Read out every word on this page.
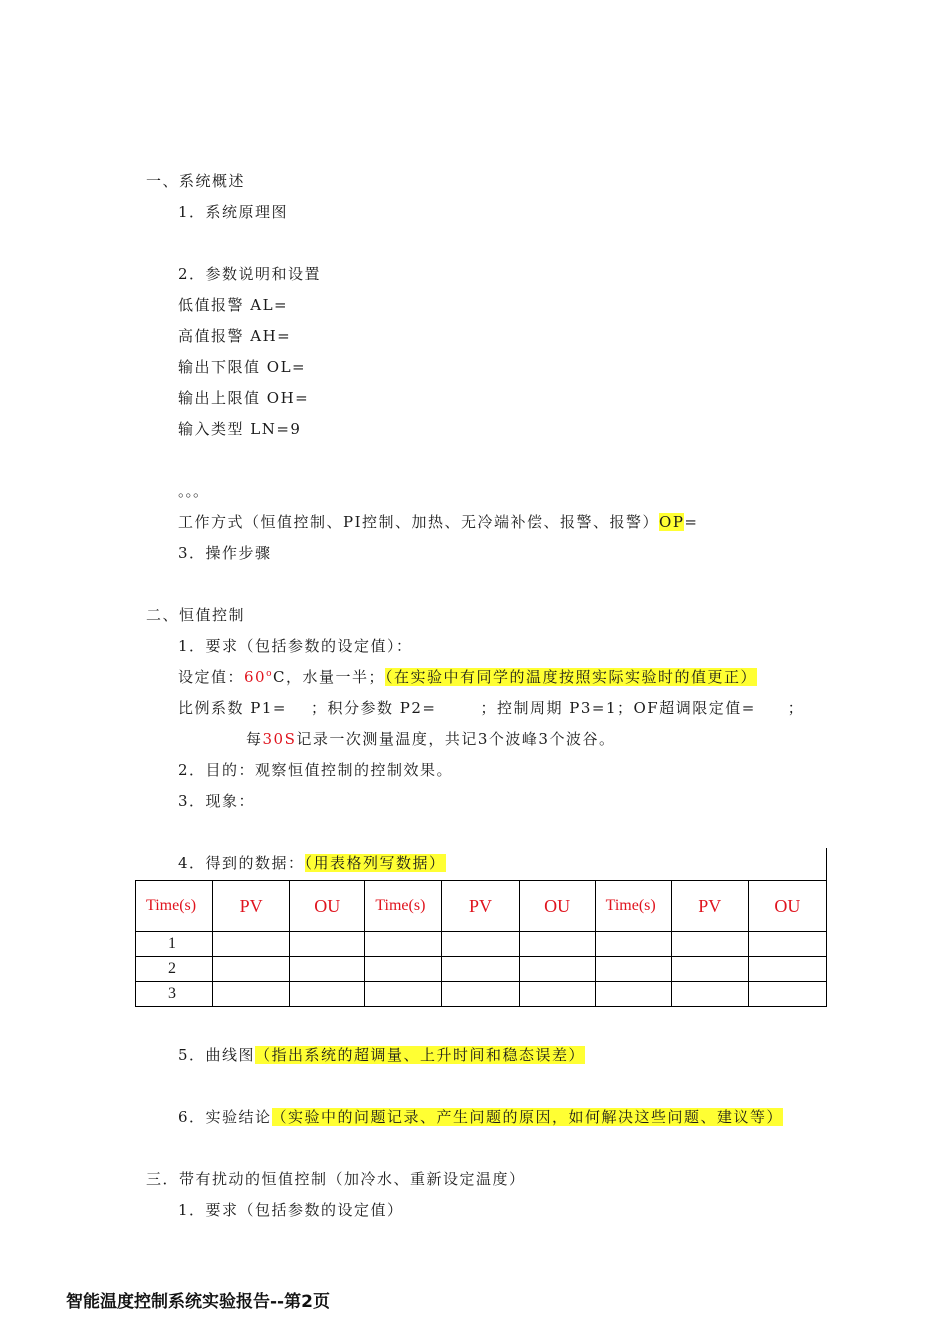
一、系统概述
1．系统原理图
2．参数说明和设置
低值报警 AL=
高值报警 AH=
输出下限值 OL=
输出上限值 OH=
输入类型 LN=9
。。。
工作方式（恒值控制、PI控制、加热、无冷端补偿、报警、报警）OP=
3．操作步骤
二、恒值控制
1．要求（包括参数的设定值）：
设定值：60$^o$C，水量一半；（在实验中有同学的温度按照实际实验时的值更正）
比例系数 P1= ；积分参数 P2=	；控制周期 P3=1；OF超调限定值= ；
每30S记录一次测量温度，共记3个波峰3个波谷。
2．目的：观察恒值控制的控制效果。
3．现象：
4．得到的数据：（用表格列写数据）
Time(s)	PV	OU	Time(s)	PV	OU	Time(s)	PV	OU
1								
2								
3								
5．曲线图（指出系统的超调量、上升时间和稳态误差）
6．实验结论（实验中的问题记录、产生问题的原因，如何解决这些问题、建议等）
三．带有扰动的恒值控制（加冷水、重新设定温度）
1．要求（包括参数的设定值）
智能温度控制系统实验报告--第2页
